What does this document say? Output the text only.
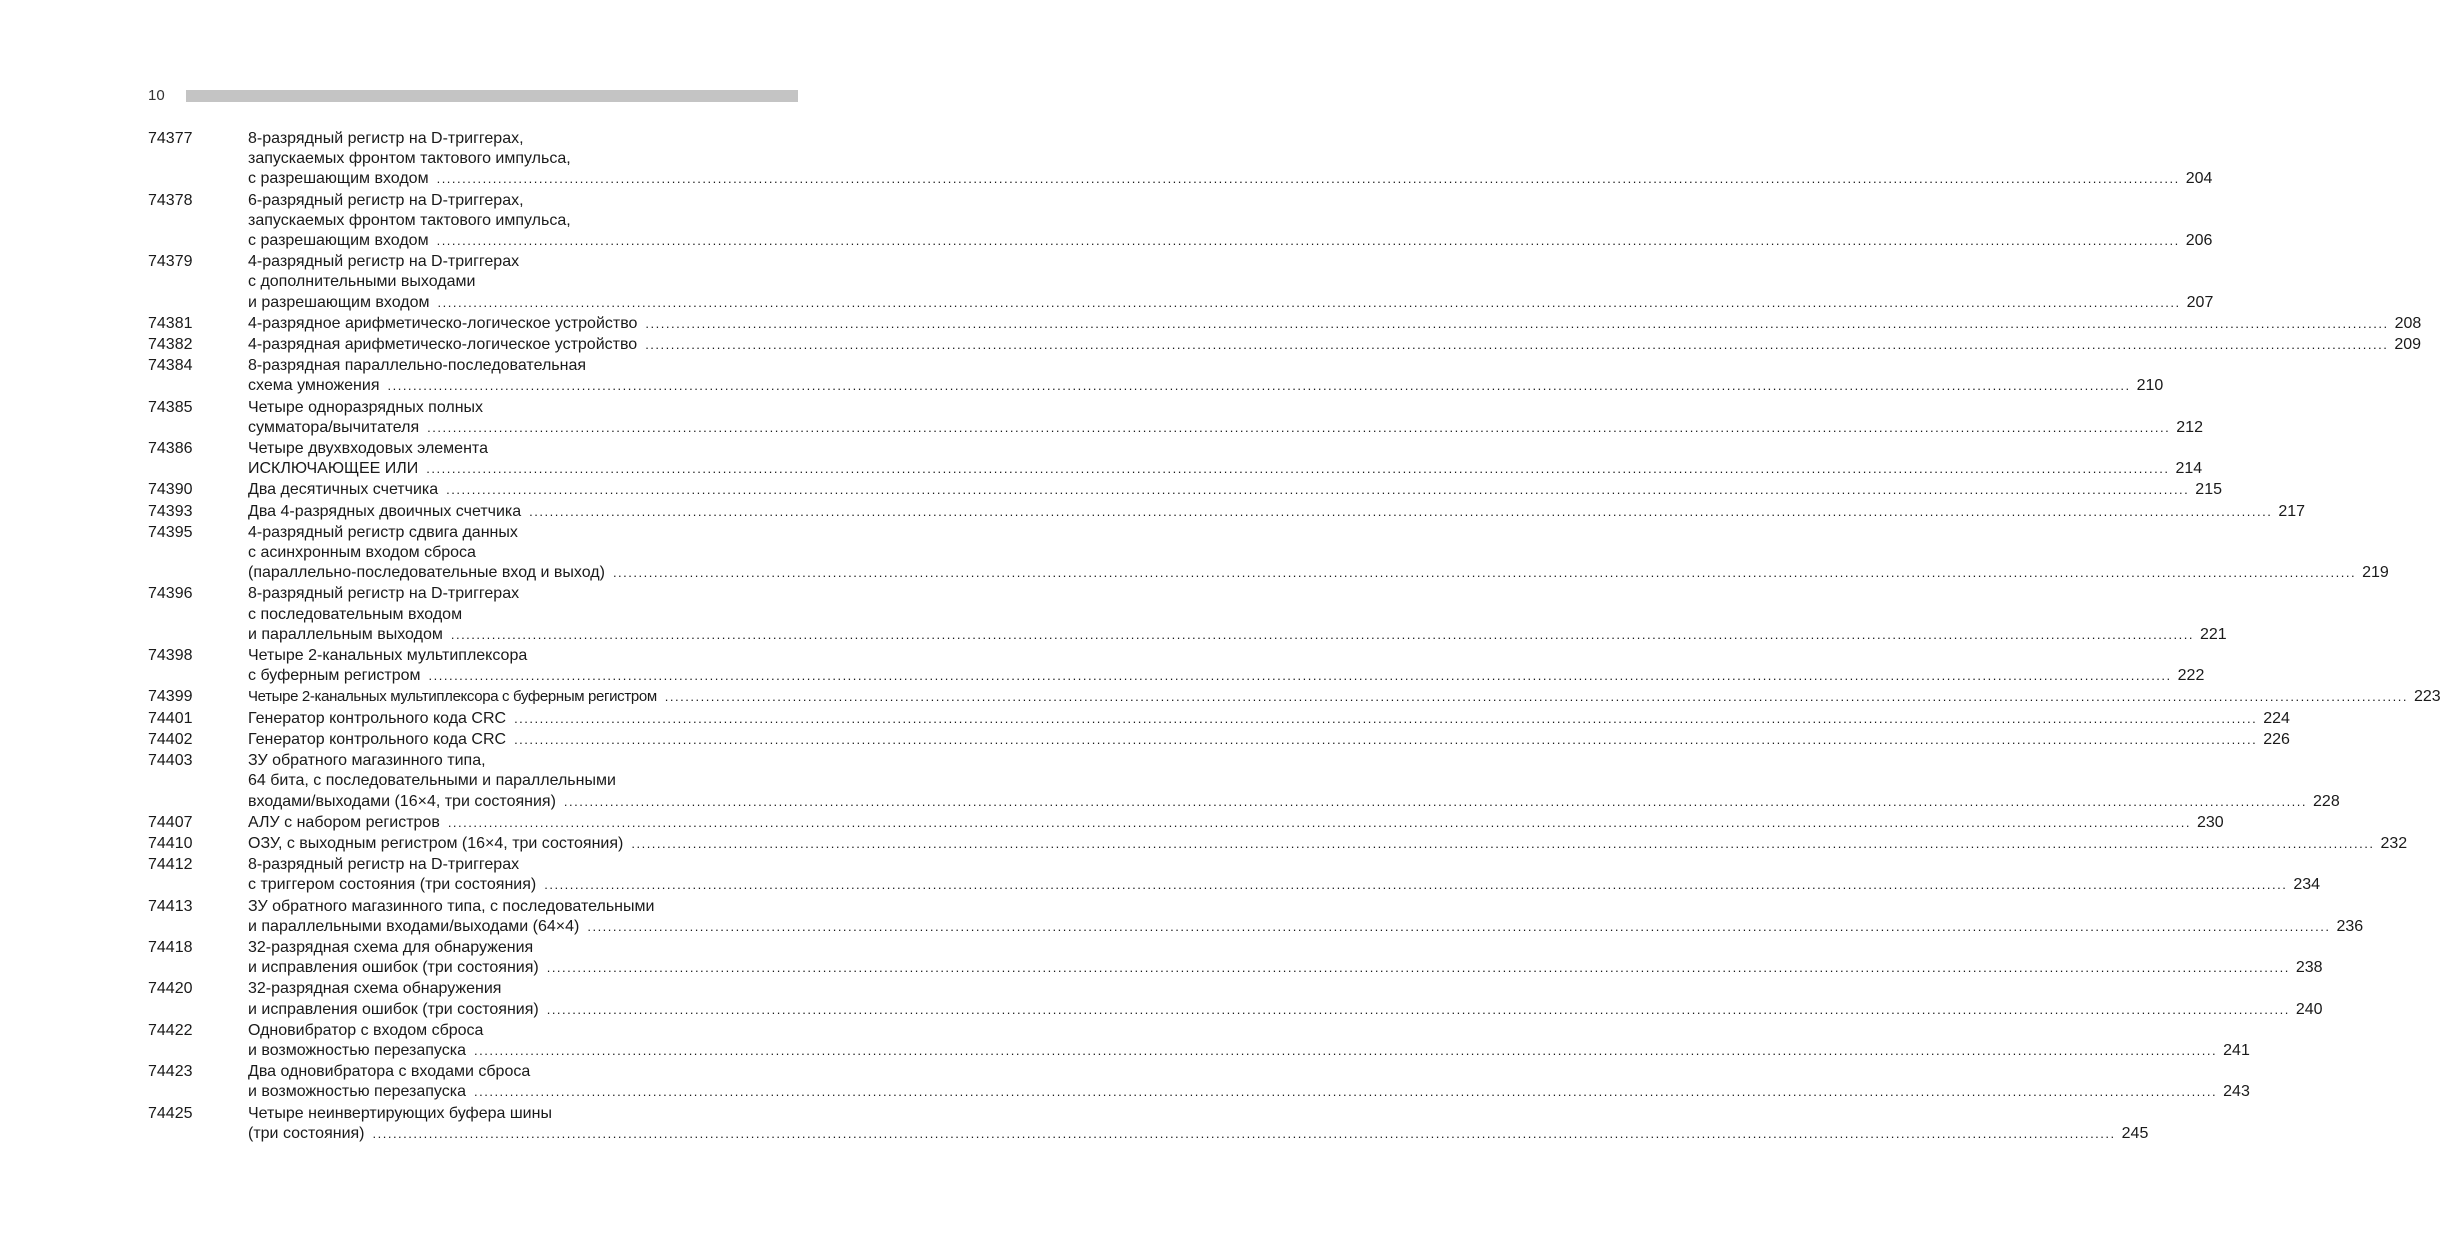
10
74377	8-разрядный регистр на D-триггерах,
запускаемых фронтом тактового импульса,
с разрешающим входом .....	204
74378	6-разрядный регистр на D-триггерах,
запускаемых фронтом тактового импульса,
с разрешающим входом .....	206
74379	4-разрядный регистр на D-триггерах
с дополнительными выходами
и разрешающим входом .....	207
74381	4-разрядное арифметическо-логическое устройство .....	208
74382	4-разрядная арифметическо-логическое устройство .....	209
74384	8-разрядная параллельно-последовательная
схема умножения .....	210
74385	Четыре одноразрядных полных
сумматора/вычитателя .....	212
74386	Четыре двухвходовых элемента
ИСКЛЮЧАЮЩЕЕ ИЛИ .....	214
74390	Два десятичных счетчика .....	215
74393	Два 4-разрядных двоичных счетчика .....	217
74395	4-разрядный регистр сдвига данных
с асинхронным входом сброса
(параллельно-последовательные вход и выход) .....	219
74396	8-разрядный регистр на D-триггерах
с последовательным входом
и параллельным выходом .....	221
74398	Четыре 2-канальных мультиплексора
с буферным регистром .....	222
74399	Четыре 2-канальных мультиплексора с буферным регистром .....	223
74401	Генератор контрольного кода CRC .....	224
74402	Генератор контрольного кода CRC .....	226
74403	ЗУ обратного магазинного типа,
64 бита, с последовательными и параллельными
входами/выходами (16×4, три состояния) .....	228
74407	АЛУ с набором регистров .....	230
74410	ОЗУ, с выходным регистром (16×4, три состояния) .....	232
74412	8-разрядный регистр на D-триггерах
с триггером состояния (три состояния) .....	234
74413	ЗУ обратного магазинного типа, с последовательными
и параллельными входами/выходами (64×4) .....	236
74418	32-разрядная схема для обнаружения
и исправления ошибок (три состояния) .....	238
74420	32-разрядная схема обнаружения
и исправления ошибок (три состояния) .....	240
74422	Одновибратор с входом сброса
и возможностью перезапуска .....	241
74423	Два одновибратора с входами сброса
и возможностью перезапуска .....	243
74425	Четыре неинвертирующих буфера шины
(три состояния) .....	245
